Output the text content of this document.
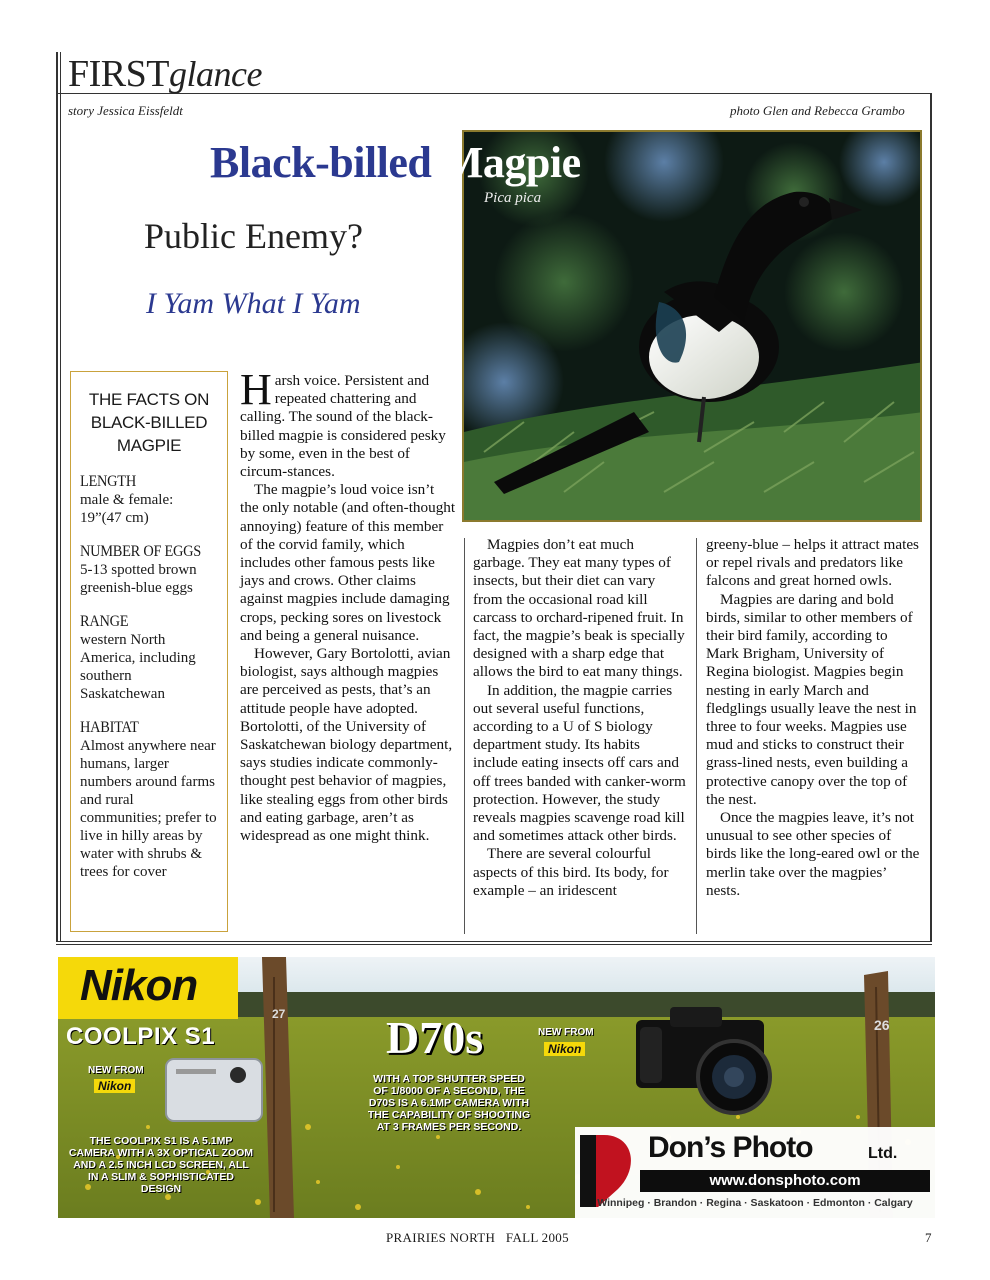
FIRSTglance
story Jessica Eissfeldt	photo Glen and Rebecca Grambo
Black-billed Magpie
Pica pica
Public Enemy?
I Yam What I Yam
THE FACTS ON
BLACK-BILLED
MAGPIE
LENGTH
male & female: 19”(47 cm)
NUMBER OF EGGS
5-13 spotted brown greenish-blue eggs
RANGE
western North America, including southern Saskatchewan
HABITAT
Almost anywhere near humans, larger numbers around farms and rural communities; prefer to live in hilly areas by water with shrubs & trees for cover

Harsh voice. Persistent and repeated chattering and calling. The sound of the black-billed magpie is considered pesky by some, even in the best of circum-stances.

The magpie’s loud voice isn’t the only notable (and often-thought annoying) feature of this member of the corvid family, which includes other famous pests like jays and crows. Other claims against magpies include damaging crops, pecking sores on livestock and being a general nuisance.

However, Gary Bortolotti, avian biologist, says although magpies are perceived as pests, that’s an attitude people have adopted. Bortolotti, of the University of Saskatchewan biology department, says studies indicate commonly-thought pest behavior of magpies, like stealing eggs from other birds and eating garbage, aren’t as widespread as one might think.

Magpies don’t eat much garbage. They eat many types of insects, but their diet can vary from the occasional road kill carcass to orchard-ripened fruit. In fact, the magpie’s beak is specially designed with a sharp edge that allows the bird to eat many things.

In addition, the magpie carries out several useful functions, according to a U of S biology department study. Its habits include eating insects off cars and off trees banded with canker-worm protection. However, the study reveals magpies scavenge road kill and sometimes attack other birds.

There are several colourful aspects of this bird. Its body, for example – an iridescent

greeny-blue – helps it attract mates or repel rivals and predators like falcons and great horned owls.

Magpies are daring and bold birds, similar to other members of their bird family, according to Mark Brigham, University of Regina biologist. Magpies begin nesting in early March and fledglings usually leave the nest in three to four weeks. Magpies use mud and sticks to construct their grass-lined nests, even building a protective canopy over the top of the nest.

Once the magpies leave, it’s not unusual to see other species of birds like the long-eared owl or the merlin take over the magpies’ nests.

Nikon
COOLPIX S1
NEW FROM
Nikon
THE COOLPIX S1 IS A 5.1MP CAMERA WITH A 3X OPTICAL ZOOM AND A 2.5 INCH LCD SCREEN, ALL IN A SLIM & SOPHISTICATED DESIGN
D70s
WITH A TOP SHUTTER SPEED OF 1/8000 OF A SECOND, THE D70S IS A 6.1MP CAMERA WITH THE CAPABILITY OF SHOOTING AT 3 FRAMES PER SECOND.
NEW FROM
Nikon
27
26
Don’s Photo	Ltd.
www.donsphoto.com
Winnipeg · Brandon · Regina · Saskatoon · Edmonton · Calgary
PRAIRIES NORTH   FALL 2005	7
